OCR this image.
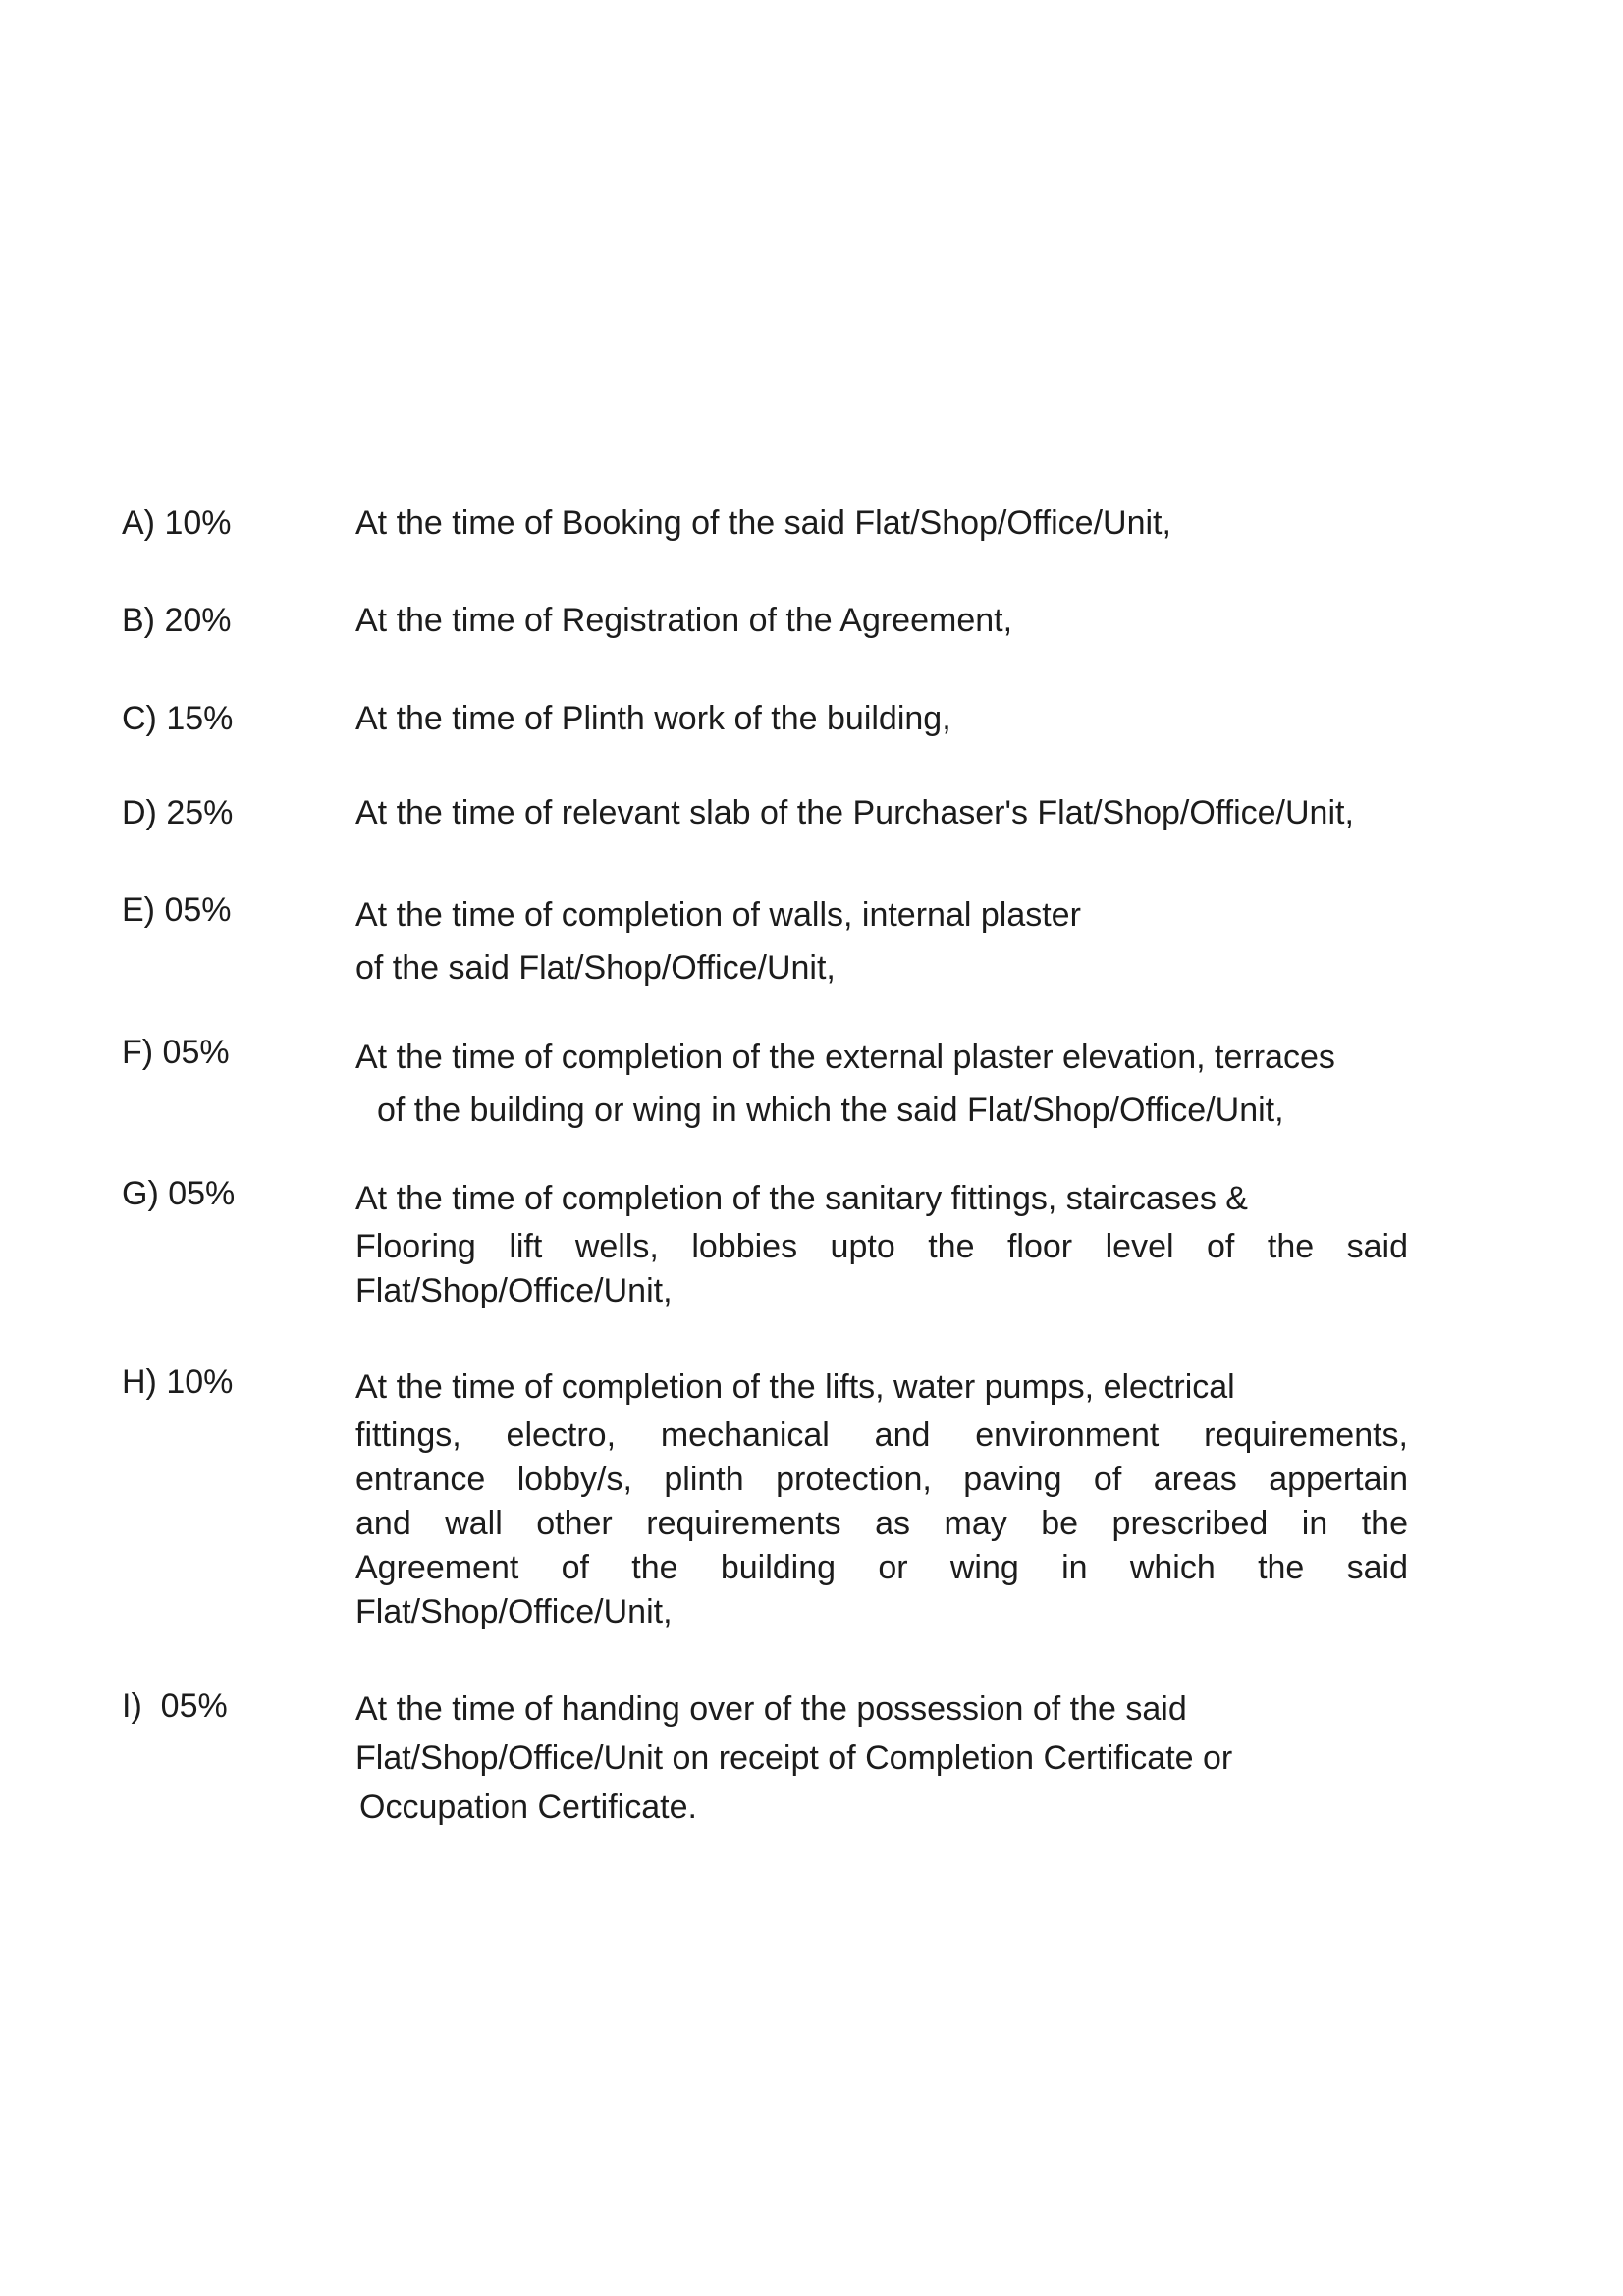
A) 10%	At the time of Booking of the said Flat/Shop/Office/Unit,
B) 20%	At the time of Registration of the Agreement,
C) 15%	At the time of Plinth work of the building,
D) 25%	At the time of relevant slab of the Purchaser's Flat/Shop/Office/Unit,
E) 05%	At the time of completion of walls, internal plaster
of the said Flat/Shop/Office/Unit,
F) 05%	At the time of completion of the external plaster elevation, terraces
of the building or wing in which the said Flat/Shop/Office/Unit,
G) 05%	At the time of completion of the sanitary fittings, staircases &
Flooring lift wells, lobbies upto the floor level of the said
Flat/Shop/Office/Unit,
H) 10%	At the time of completion of the lifts, water pumps, electrical
fittings, electro, mechanical and environment requirements,
entrance lobby/s, plinth protection, paving of areas appertain
and wall other requirements as may be prescribed in the
Agreement of the building or wing in which the said
Flat/Shop/Office/Unit,
I)  05%	At the time of handing over of the possession of the said
Flat/Shop/Office/Unit on receipt of Completion Certificate or
Occupation Certificate.
